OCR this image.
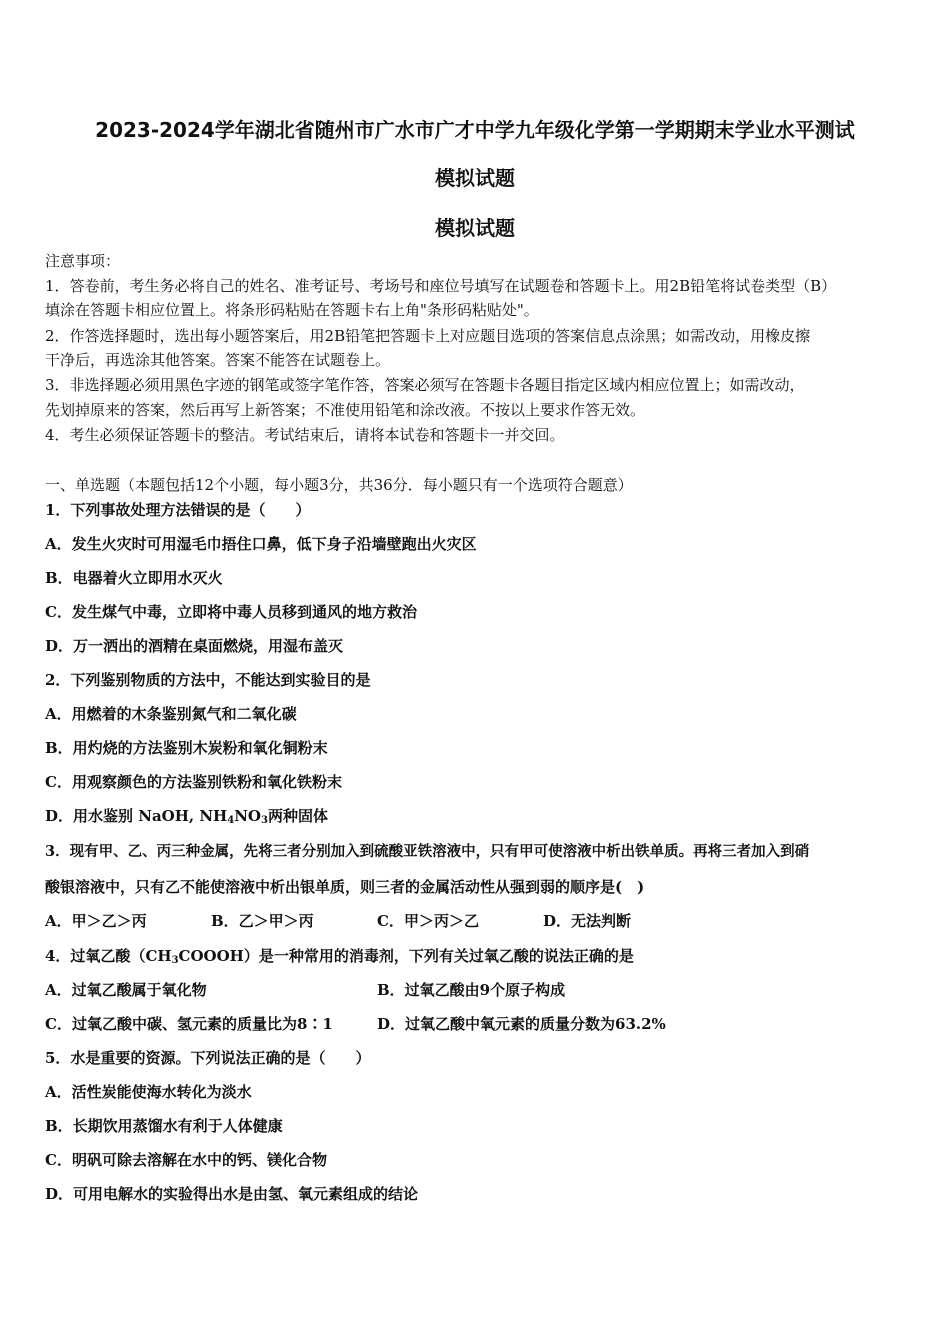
2023-2024学年湖北省随州市广水市广才中学九年级化学第一学期期末学业水平测试
模拟试题
模拟试题
注意事项：
1．答卷前，考生务必将自己的姓名、准考证号、考场号和座位号填写在试题卷和答题卡上。用2B铅笔将试卷类型（B）
填涂在答题卡相应位置上。将条形码粘贴在答题卡右上角"条形码粘贴处"。
2．作答选择题时，选出每小题答案后，用2B铅笔把答题卡上对应题目选项的答案信息点涂黑；如需改动，用橡皮擦
干净后，再选涂其他答案。答案不能答在试题卷上。
3．非选择题必须用黑色字迹的钢笔或签字笔作答，答案必须写在答题卡各题目指定区域内相应位置上；如需改动，
先划掉原来的答案，然后再写上新答案；不准使用铅笔和涂改液。不按以上要求作答无效。
4．考生必须保证答题卡的整洁。考试结束后，请将本试卷和答题卡一并交回。
一、单选题（本题包括12个小题，每小题3分，共36分．每小题只有一个选项符合题意）
1．下列事故处理方法错误的是（　　）
A．发生火灾时可用湿毛巾捂住口鼻，低下身子沿墙壁跑出火灾区
B．电器着火立即用水灭火
C．发生煤气中毒，立即将中毒人员移到通风的地方救治
D．万一洒出的酒精在桌面燃烧，用湿布盖灭
2．下列鉴别物质的方法中，不能达到实验目的是
A．用燃着的木条鉴别氮气和二氧化碳
B．用灼烧的方法鉴别木炭粉和氧化铜粉末
C．用观察颜色的方法鉴别铁粉和氧化铁粉末
D．用水鉴别 NaOH, $NH_4NO_3$两种固体
3．现有甲、乙、丙三种金属，先将三者分别加入到硫酸亚铁溶液中，只有甲可使溶液中析出铁单质。再将三者加入到硝
酸银溶液中，只有乙不能使溶液中析出银单质，则三者的金属活动性从强到弱的顺序是(　)
A．甲＞乙＞丙	B．乙＞甲＞丙	C．甲＞丙＞乙	D．无法判断
4．过氧乙酸$(CH_3COOOH)$是一种常用的消毒剂，下列有关过氧乙酸的说法正确的是
A．过氧乙酸属于氧化物	B．过氧乙酸由9个原子构成
C．过氧乙酸中碳、氢元素的质量比为8∶1	D．过氧乙酸中氧元素的质量分数为63.2%
5．水是重要的资源。下列说法正确的是（　　）
A．活性炭能使海水转化为淡水
B．长期饮用蒸馏水有利于人体健康
C．明矾可除去溶解在水中的钙、镁化合物
D．可用电解水的实验得出水是由氢、氧元素组成的结论
